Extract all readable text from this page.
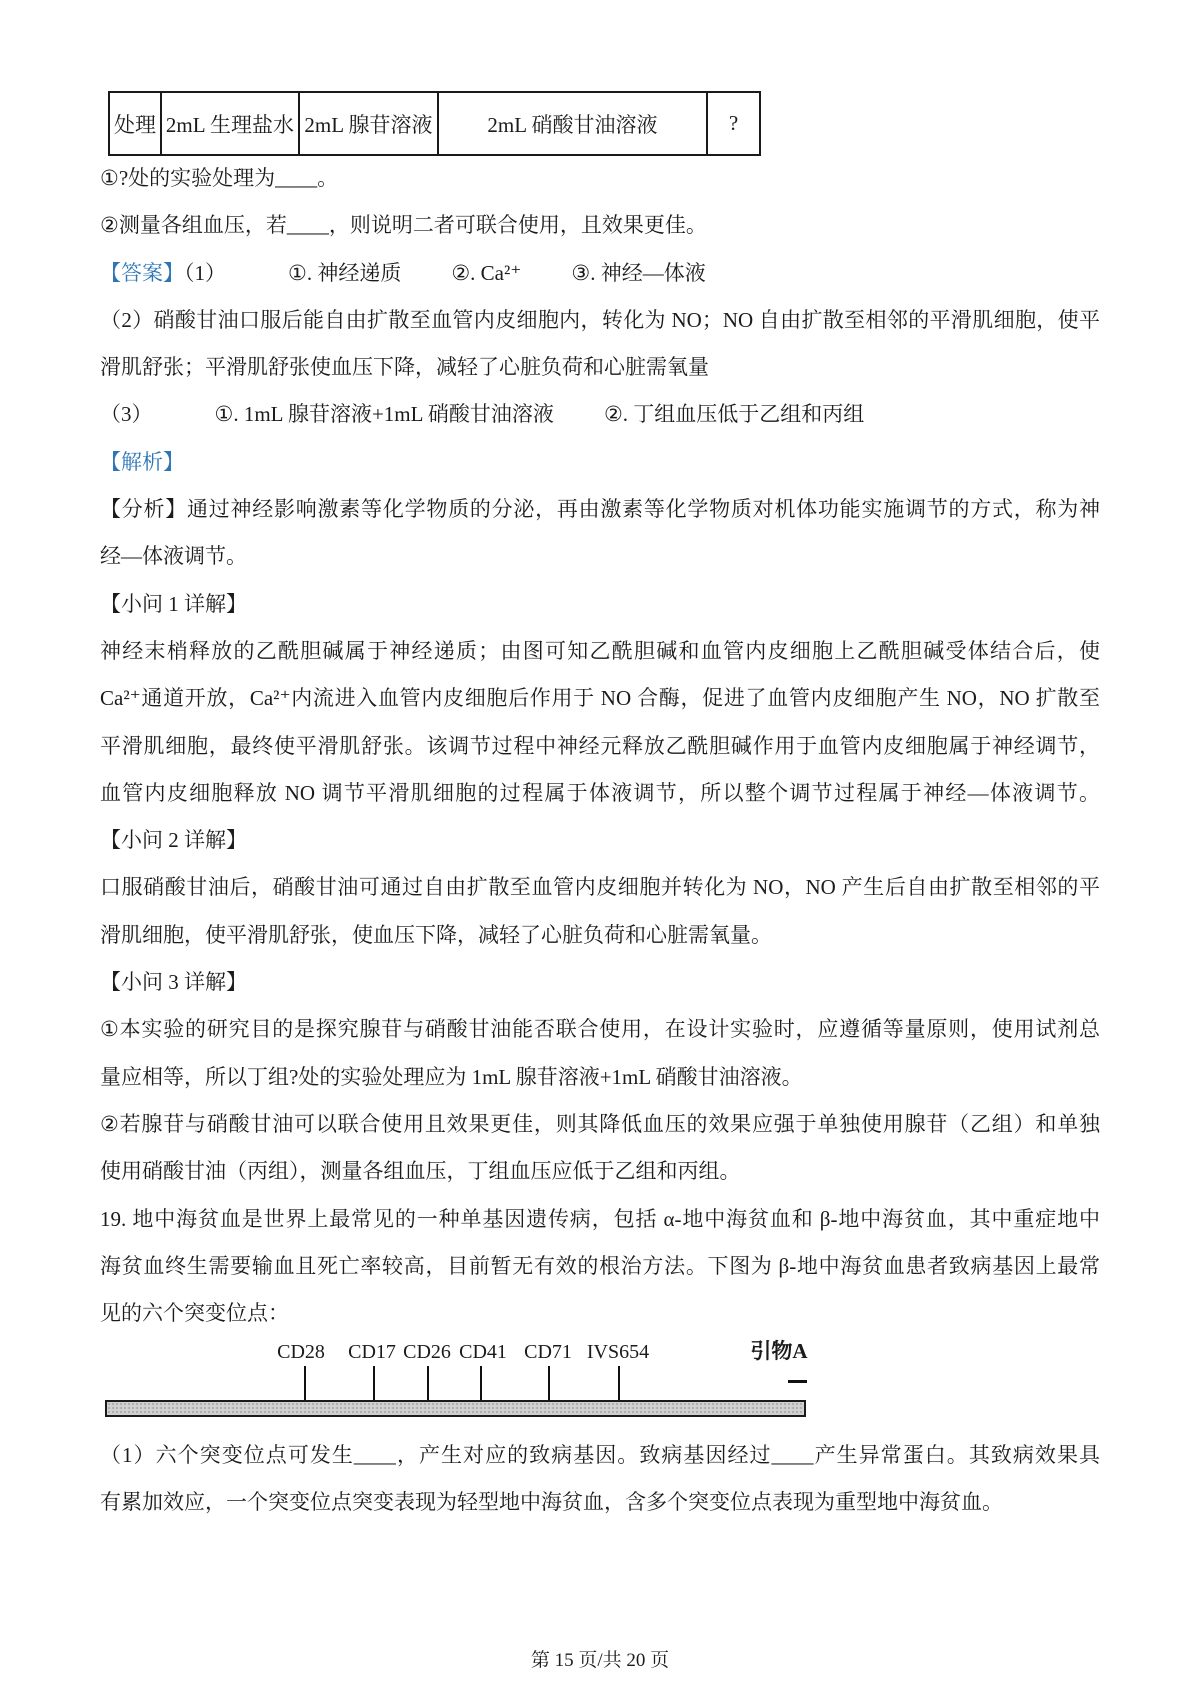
处理 2mL 生理盐水 2mL 腺苷溶液	2mL 硝酸甘油溶液	?
①?处的实验处理为____。
②测量各组血压，若____，则说明二者可联合使用，且效果更佳。
【答案】（1）	①. 神经递质 ②. Ca²⁺ ③. 神经—体液
（2）硝酸甘油口服后能自由扩散至血管内皮细胞内，转化为 NO；NO 自由扩散至相邻的平滑肌细胞，使平
滑肌舒张；平滑肌舒张使血压下降，减轻了心脏负荷和心脏需氧量
（3）	①. 1mL 腺苷溶液+1mL 硝酸甘油溶液 ②. 丁组血压低于乙组和丙组
【解析】
【分析】通过神经影响激素等化学物质的分泌，再由激素等化学物质对机体功能实施调节的方式，称为神
经—体液调节。
【小问 1 详解】
神经末梢释放的乙酰胆碱属于神经递质；由图可知乙酰胆碱和血管内皮细胞上乙酰胆碱受体结合后，使
Ca²⁺通道开放，Ca²⁺内流进入血管内皮细胞后作用于 NO 合酶，促进了血管内皮细胞产生 NO，NO 扩散至
平滑肌细胞，最终使平滑肌舒张。该调节过程中神经元释放乙酰胆碱作用于血管内皮细胞属于神经调节，
血管内皮细胞释放 NO 调节平滑肌细胞的过程属于体液调节，所以整个调节过程属于神经—体液调节。
【小问 2 详解】
口服硝酸甘油后，硝酸甘油可通过自由扩散至血管内皮细胞并转化为 NO，NO 产生后自由扩散至相邻的平
滑肌细胞，使平滑肌舒张，使血压下降，减轻了心脏负荷和心脏需氧量。
【小问 3 详解】
①本实验的研究目的是探究腺苷与硝酸甘油能否联合使用，在设计实验时，应遵循等量原则，使用试剂总
量应相等，所以丁组?处的实验处理应为 1mL 腺苷溶液+1mL 硝酸甘油溶液。
②若腺苷与硝酸甘油可以联合使用且效果更佳，则其降低血压的效果应强于单独使用腺苷（乙组）和单独
使用硝酸甘油（丙组），测量各组血压，丁组血压应低于乙组和丙组。
19. 地中海贫血是世界上最常见的一种单基因遗传病，包括 α-地中海贫血和 β-地中海贫血，其中重症地中
海贫血终生需要输血且死亡率较高，目前暂无有效的根治方法。下图为 β-地中海贫血患者致病基因上最常
见的六个突变位点：
CD28 CD17 CD26 CD41 CD71 IVS654	引物A
（1）六个突变位点可发生____，产生对应的致病基因。致病基因经过____产生异常蛋白。其致病效果具
有累加效应，一个突变位点突变表现为轻型地中海贫血，含多个突变位点表现为重型地中海贫血。
第 15 页/共 20 页
